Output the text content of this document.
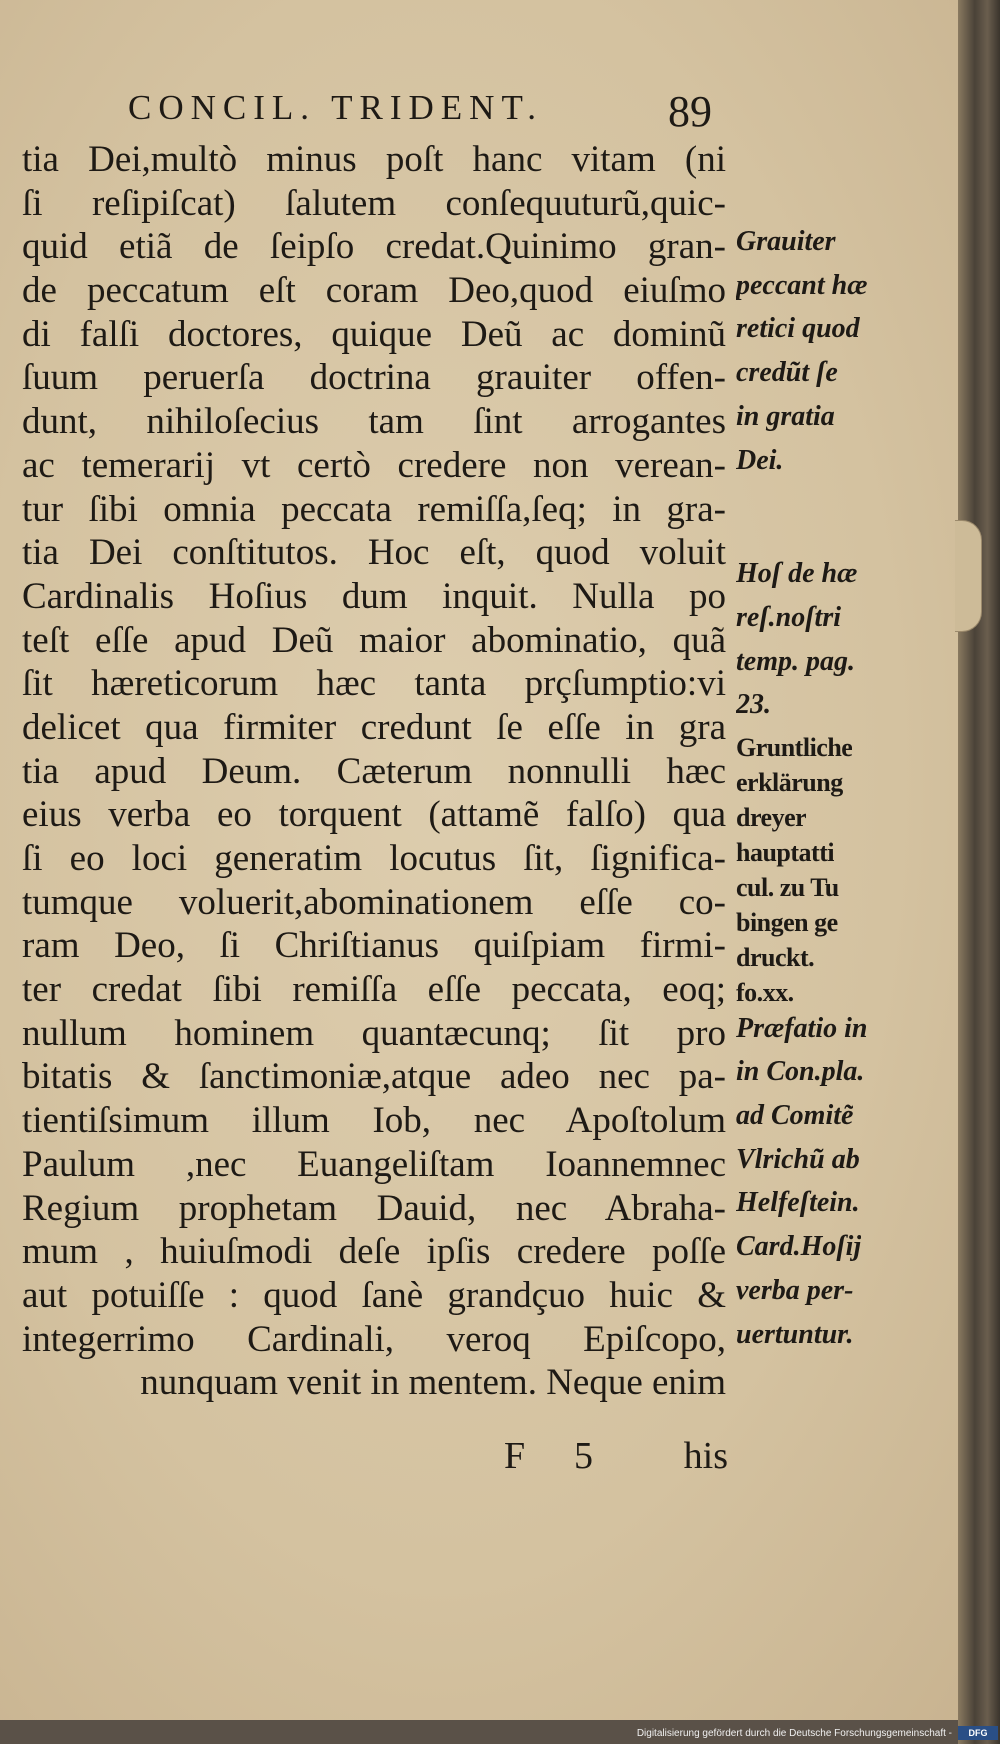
CONCIL. TRIDENT.	89
tia Dei,multò minus poſt hanc vitam (ni
ſi reſipiſcat) ſalutem conſequuturũ,quic-
quid etiã de ſeipſo credat.Quinimo gran-
de peccatum eſt coram Deo,quod eiuſmo
di falſi doctores, quique Deũ ac dominũ
ſuum peruerſa doctrina grauiter offen-
dunt, nihiloſecius tam ſint arrogantes
ac temerarij vt certò credere non verean-
tur ſibi omnia peccata remiſſa,ſeq; in gra-
tia Dei conſtitutos. Hoc eſt, quod voluit
Cardinalis Hoſius dum inquit. Nulla po
teſt eſſe apud Deũ maior abominatio, quã
ſit hæreticorum hæc tanta prçſumptio:vi
delicet qua firmiter credunt ſe eſſe in gra
tia apud Deum. Cæterum nonnulli hæc
eius verba eo torquent (attamẽ falſo) qua
ſi eo loci generatim locutus ſit, ſignifica-
tumque voluerit,abominationem eſſe co-
ram Deo, ſi Chriſtianus quiſpiam firmi-
ter credat ſibi remiſſa eſſe peccata, eoq;
nullum hominem quantæcunq; ſit pro
bitatis & ſanctimoniæ,atque adeo nec pa-
tientiſsimum illum Iob, nec Apoſtolum
Paulum ,nec Euangeliſtam Ioannemnec
Regium prophetam Dauid, nec Abraha-
mum , huiuſmodi deſe ipſis credere poſſe
aut potuiſſe : quod ſanè grandçuo huic &
integerrimo Cardinali, veroq Epiſcopo,
nunquam venit in mentem. Neque enim
Grauiter
peccant hæ
retici quod
credũt ſe
in gratia
Dei.
Hoſ de hæ
reſ.noſtri
temp. pag.
23.
Gruntliche
erklärung
dreyer
hauptatti
cul. zu Tu
bingen ge
druckt.
fo.xx.
Præfatio in
in Con.pla.
ad Comitẽ
Vlrichũ ab
Helfeſtein.
Card.Hoſij
verba per-
uertuntur.
F 5 his
Digitalisierung gefördert durch die Deutsche Forschungsgemeinschaft -	DFG
